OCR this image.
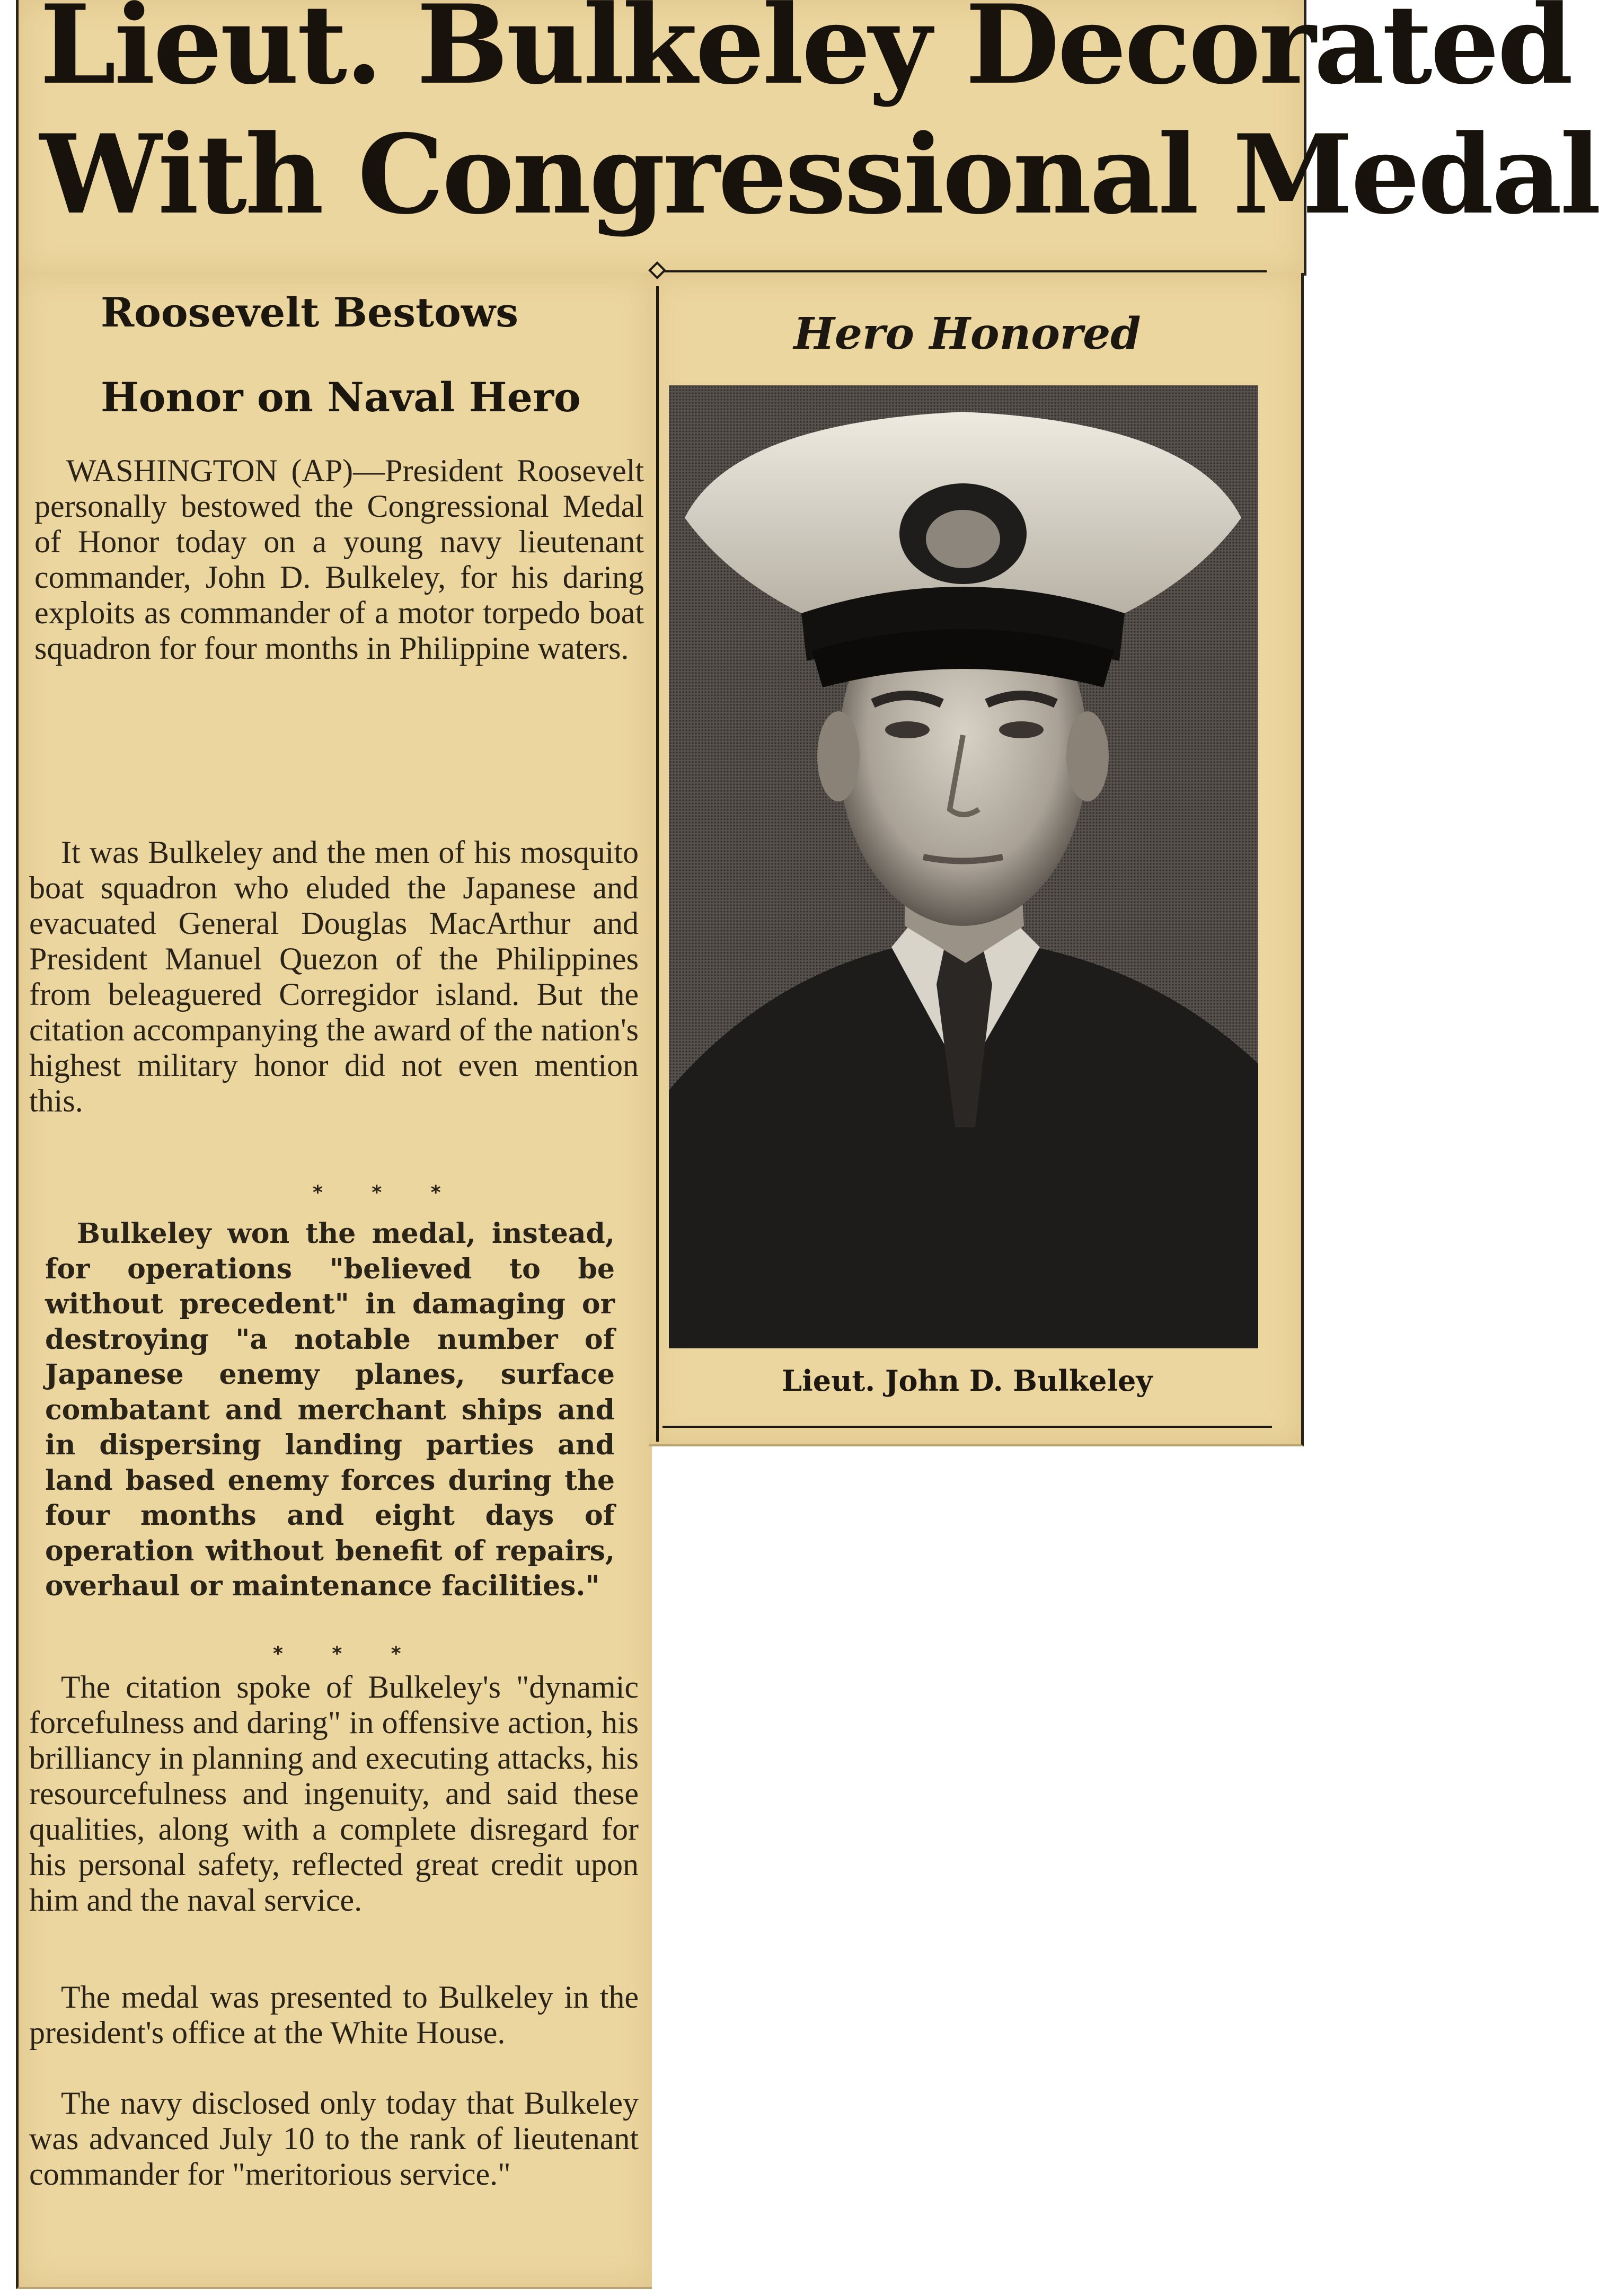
Lieut. Bulkeley Decorated
With Congressional Medal
Roosevelt Bestows
Honor on Naval Hero

WASHINGTON (AP)—President Roosevelt personally bestowed the Congressional Medal of Honor today on a young navy lieutenant commander, John D. Bulkeley, for his daring exploits as commander of a motor torpedo boat squadron for four months in Philippine waters.

It was Bulkeley and the men of his mosquito boat squadron who eluded the Japanese and evacuated General Douglas MacArthur and President Manuel Quezon of the Philippines from beleaguered Corregidor island. But the citation accompanying the award of the nation's highest military honor did not even mention this.

* * *

Bulkeley won the medal, instead, for operations "believed to be without precedent" in damaging or destroying "a notable number of Japanese enemy planes, surface combatant and merchant ships and in dispersing landing parties and land based enemy forces during the four months and eight days of operation without benefit of repairs, overhaul or maintenance facilities."

* * *

The citation spoke of Bulkeley's "dynamic forcefulness and daring" in offensive action, his brilliancy in planning and executing attacks, his resourcefulness and ingenuity, and said these qualities, along with a complete disregard for his personal safety, reflected great credit upon him and the naval service.

The medal was presented to Bulkeley in the president's office at the White House.

The navy disclosed only today that Bulkeley was advanced July 10 to the rank of lieutenant commander for "meritorious service."

Hero Honored
Lieut. John D. Bulkeley
